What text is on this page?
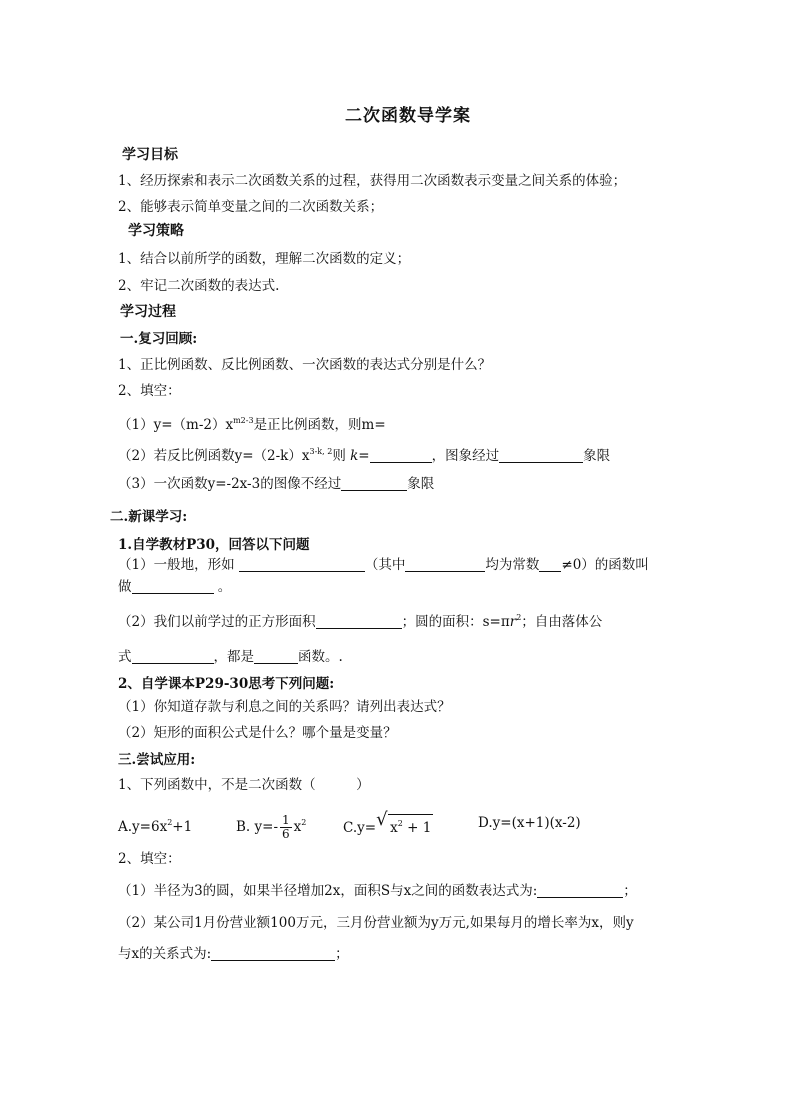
二次函数导学案
学习目标
1、经历探索和表示二次函数关系的过程，获得用二次函数表示变量之间关系的体验；
2、能够表示简单变量之间的二次函数关系；
学习策略
1、结合以前所学的函数，理解二次函数的定义；
2、牢记二次函数的表达式.
学习过程
一.复习回顾:
1、正比例函数、反比例函数、一次函数的表达式分别是什么？
2、填空：
$(1)y=(m-2)x^{m2-3}$是正比例函数，则m=
（2）若反比例函数$y=(2-k)x^{3-k,}$ $^2$则 k=	，图象经过	象限
（3）一次函数y=-2x-3的图像不经过	象限
二.新课学习:
1.自学教材P30，回答以下问题
（1）一般地，形如	（其中	均为常数 ≠0）的函数叫
做	。
（2）我们以前学过的正方形面积	；圆的面积：$s=\pi r^2$；自由落体公
式	，都是	函数。.
2、自学课本P29-30思考下列问题:
（1）你知道存款与利息之间的关系吗？请列出表达式？
（2）矩形的面积公式是什么？哪个量是变量？
三.尝试应用:
1、下列函数中，不是二次函数（　　　）
$A.y=6x^2+1$	B. $y=- \frac{1}{6} x^2$	C.y= √ $x^2 + 1$	D.y=(x+1)(x-2)
2、填空：
（1）半径为3的圆，如果半径增加2x，面积S与x之间的函数表达式为:	；
（2）某公司1月份营业额100万元，三月份营业额为y万元,如果每月的增长率为x，则y
与x的关系式为:	；
